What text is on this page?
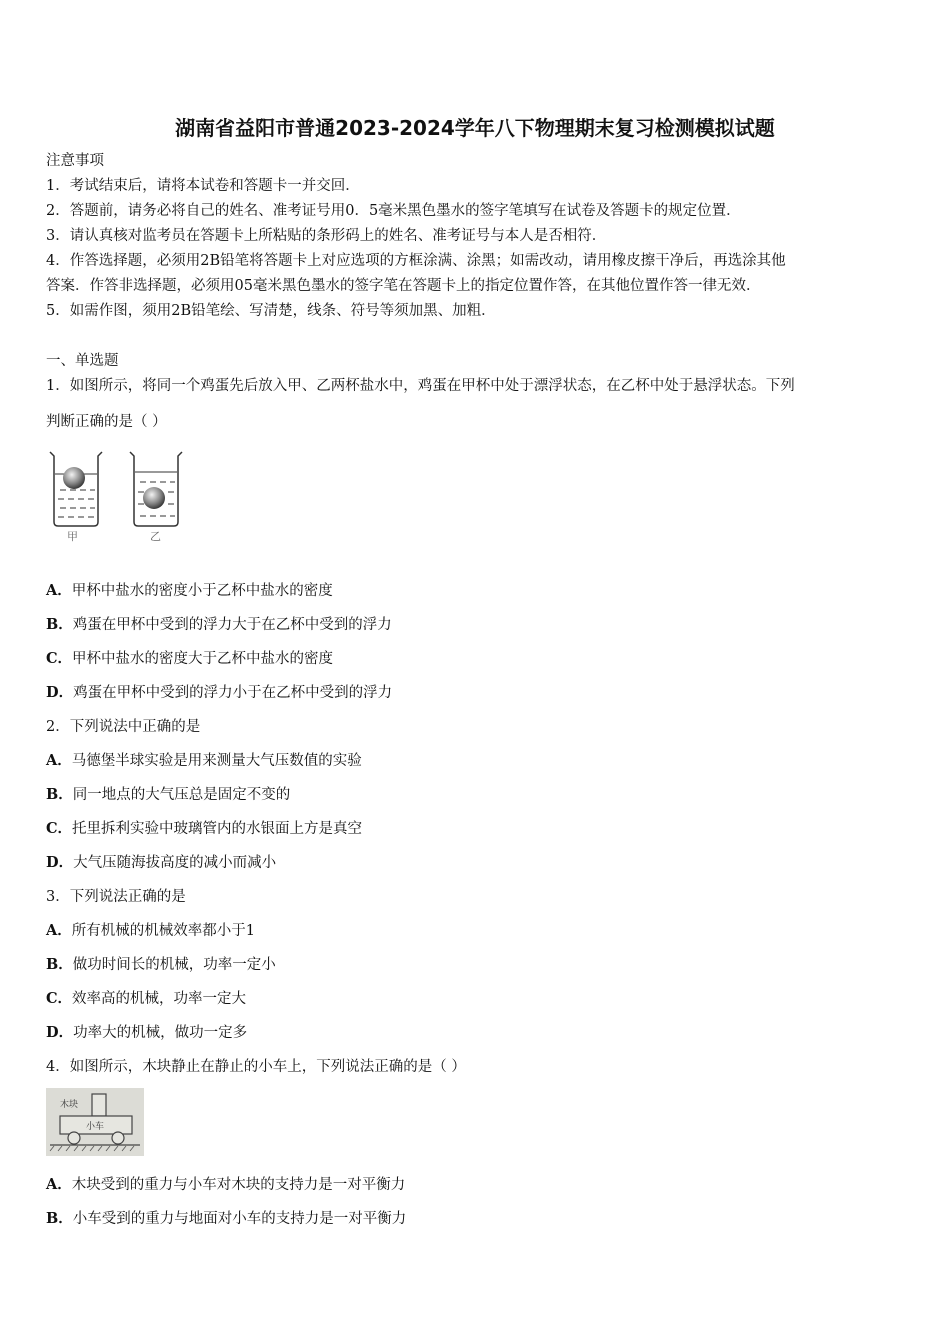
湖南省益阳市普通2023-2024学年八下物理期末复习检测模拟试题
注意事项
1．考试结束后，请将本试卷和答题卡一并交回．
2．答题前，请务必将自己的姓名、准考证号用0．5毫米黑色墨水的签字笔填写在试卷及答题卡的规定位置．
3．请认真核对监考员在答题卡上所粘贴的条形码上的姓名、准考证号与本人是否相符．
4．作答选择题，必须用2B铅笔将答题卡上对应选项的方框涂满、涂黑；如需改动，请用橡皮擦干净后，再选涂其他
答案．作答非选择题，必须用05毫米黑色墨水的签字笔在答题卡上的指定位置作答，在其他位置作答一律无效．
5．如需作图，须用2B铅笔绘、写清楚，线条、符号等须加黑、加粗．
一、单选题
1．如图所示，将同一个鸡蛋先后放入甲、乙两杯盐水中，鸡蛋在甲杯中处于漂浮状态，在乙杯中处于悬浮状态。下列
判断正确的是（ ）
甲	乙
A．甲杯中盐水的密度小于乙杯中盐水的密度
B．鸡蛋在甲杯中受到的浮力大于在乙杯中受到的浮力
C．甲杯中盐水的密度大于乙杯中盐水的密度
D．鸡蛋在甲杯中受到的浮力小于在乙杯中受到的浮力
2．下列说法中正确的是
A．马德堡半球实验是用来测量大气压数值的实验
B．同一地点的大气压总是固定不变的
C．托里拆利实验中玻璃管内的水银面上方是真空
D．大气压随海拔高度的减小而减小
3．下列说法正确的是
A．所有机械的机械效率都小于1
B．做功时间长的机械，功率一定小
C．效率高的机械，功率一定大
D．功率大的机械，做功一定多
4．如图所示，木块静止在静止的小车上，下列说法正确的是（ ）
木块
小车
A．木块受到的重力与小车对木块的支持力是一对平衡力
B．小车受到的重力与地面对小车的支持力是一对平衡力
